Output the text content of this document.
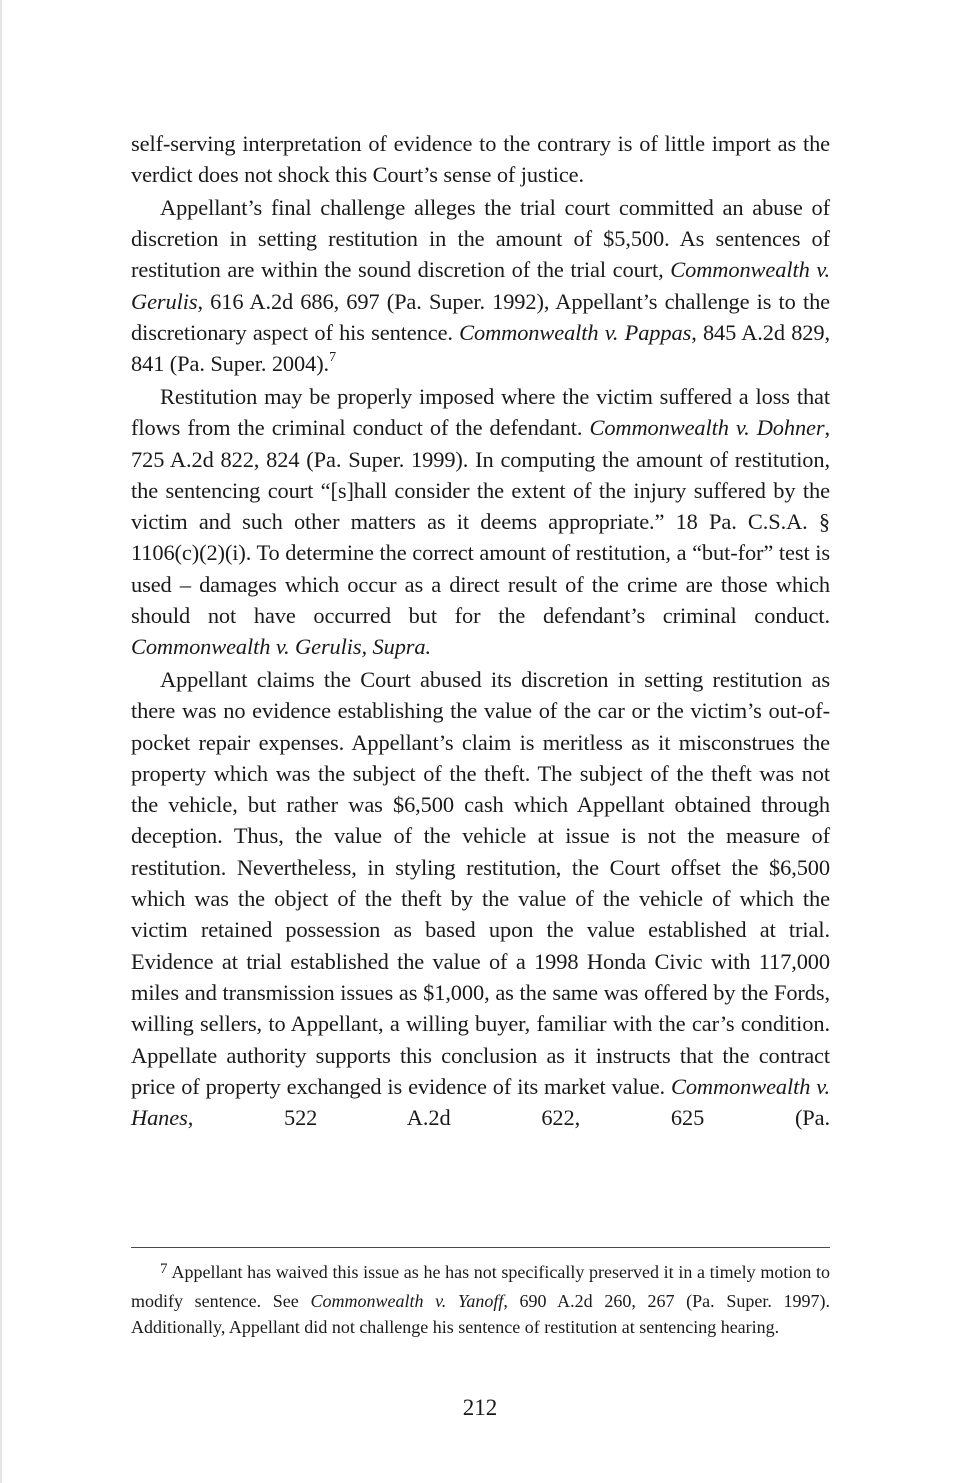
self-serving interpretation of evidence to the contrary is of little import as the verdict does not shock this Court’s sense of justice.

Appellant’s final challenge alleges the trial court committed an abuse of discretion in setting restitution in the amount of $5,500. As sentences of restitution are within the sound discretion of the trial court, Commonwealth v. Gerulis, 616 A.2d 686, 697 (Pa. Super. 1992), Appellant’s challenge is to the discretionary aspect of his sentence. Commonwealth v. Pappas, 845 A.2d 829, 841 (Pa. Super. 2004).$^7$

Restitution may be properly imposed where the victim suffered a loss that flows from the criminal conduct of the defendant. Commonwealth v. Dohner, 725 A.2d 822, 824 (Pa. Super. 1999). In computing the amount of restitution, the sentencing court “[s]hall consider the extent of the injury suffered by the victim and such other matters as it deems appropriate.” 18 Pa. C.S.A. § 1106(c)(2)(i). To determine the correct amount of restitution, a “but-for” test is used – damages which occur as a direct result of the crime are those which should not have occurred but for the defendant’s criminal conduct. Commonwealth v. Gerulis, Supra.

Appellant claims the Court abused its discretion in setting restitution as there was no evidence establishing the value of the car or the victim’s out-of-pocket repair expenses. Appellant’s claim is meritless as it misconstrues the property which was the subject of the theft. The subject of the theft was not the vehicle, but rather was $6,500 cash which Appellant obtained through deception. Thus, the value of the vehicle at issue is not the measure of restitution. Nevertheless, in styling restitution, the Court offset the $6,500 which was the object of the theft by the value of the vehicle of which the victim retained possession as based upon the value established at trial. Evidence at trial established the value of a 1998 Honda Civic with 117,000 miles and transmission issues as $1,000, as the same was offered by the Fords, willing sellers, to Appellant, a willing buyer, familiar with the car’s condition. Appellate authority supports this conclusion as it instructs that the contract price of property exchanged is evidence of its market value. Commonwealth v. Hanes, 522 A.2d 622, 625 (Pa.

$^7$ Appellant has waived this issue as he has not specifically preserved it in a timely motion to modify sentence. See Commonwealth v. Yanoff, 690 A.2d 260, 267 (Pa. Super. 1997). Additionally, Appellant did not challenge his sentence of restitution at sentencing hearing.

212
